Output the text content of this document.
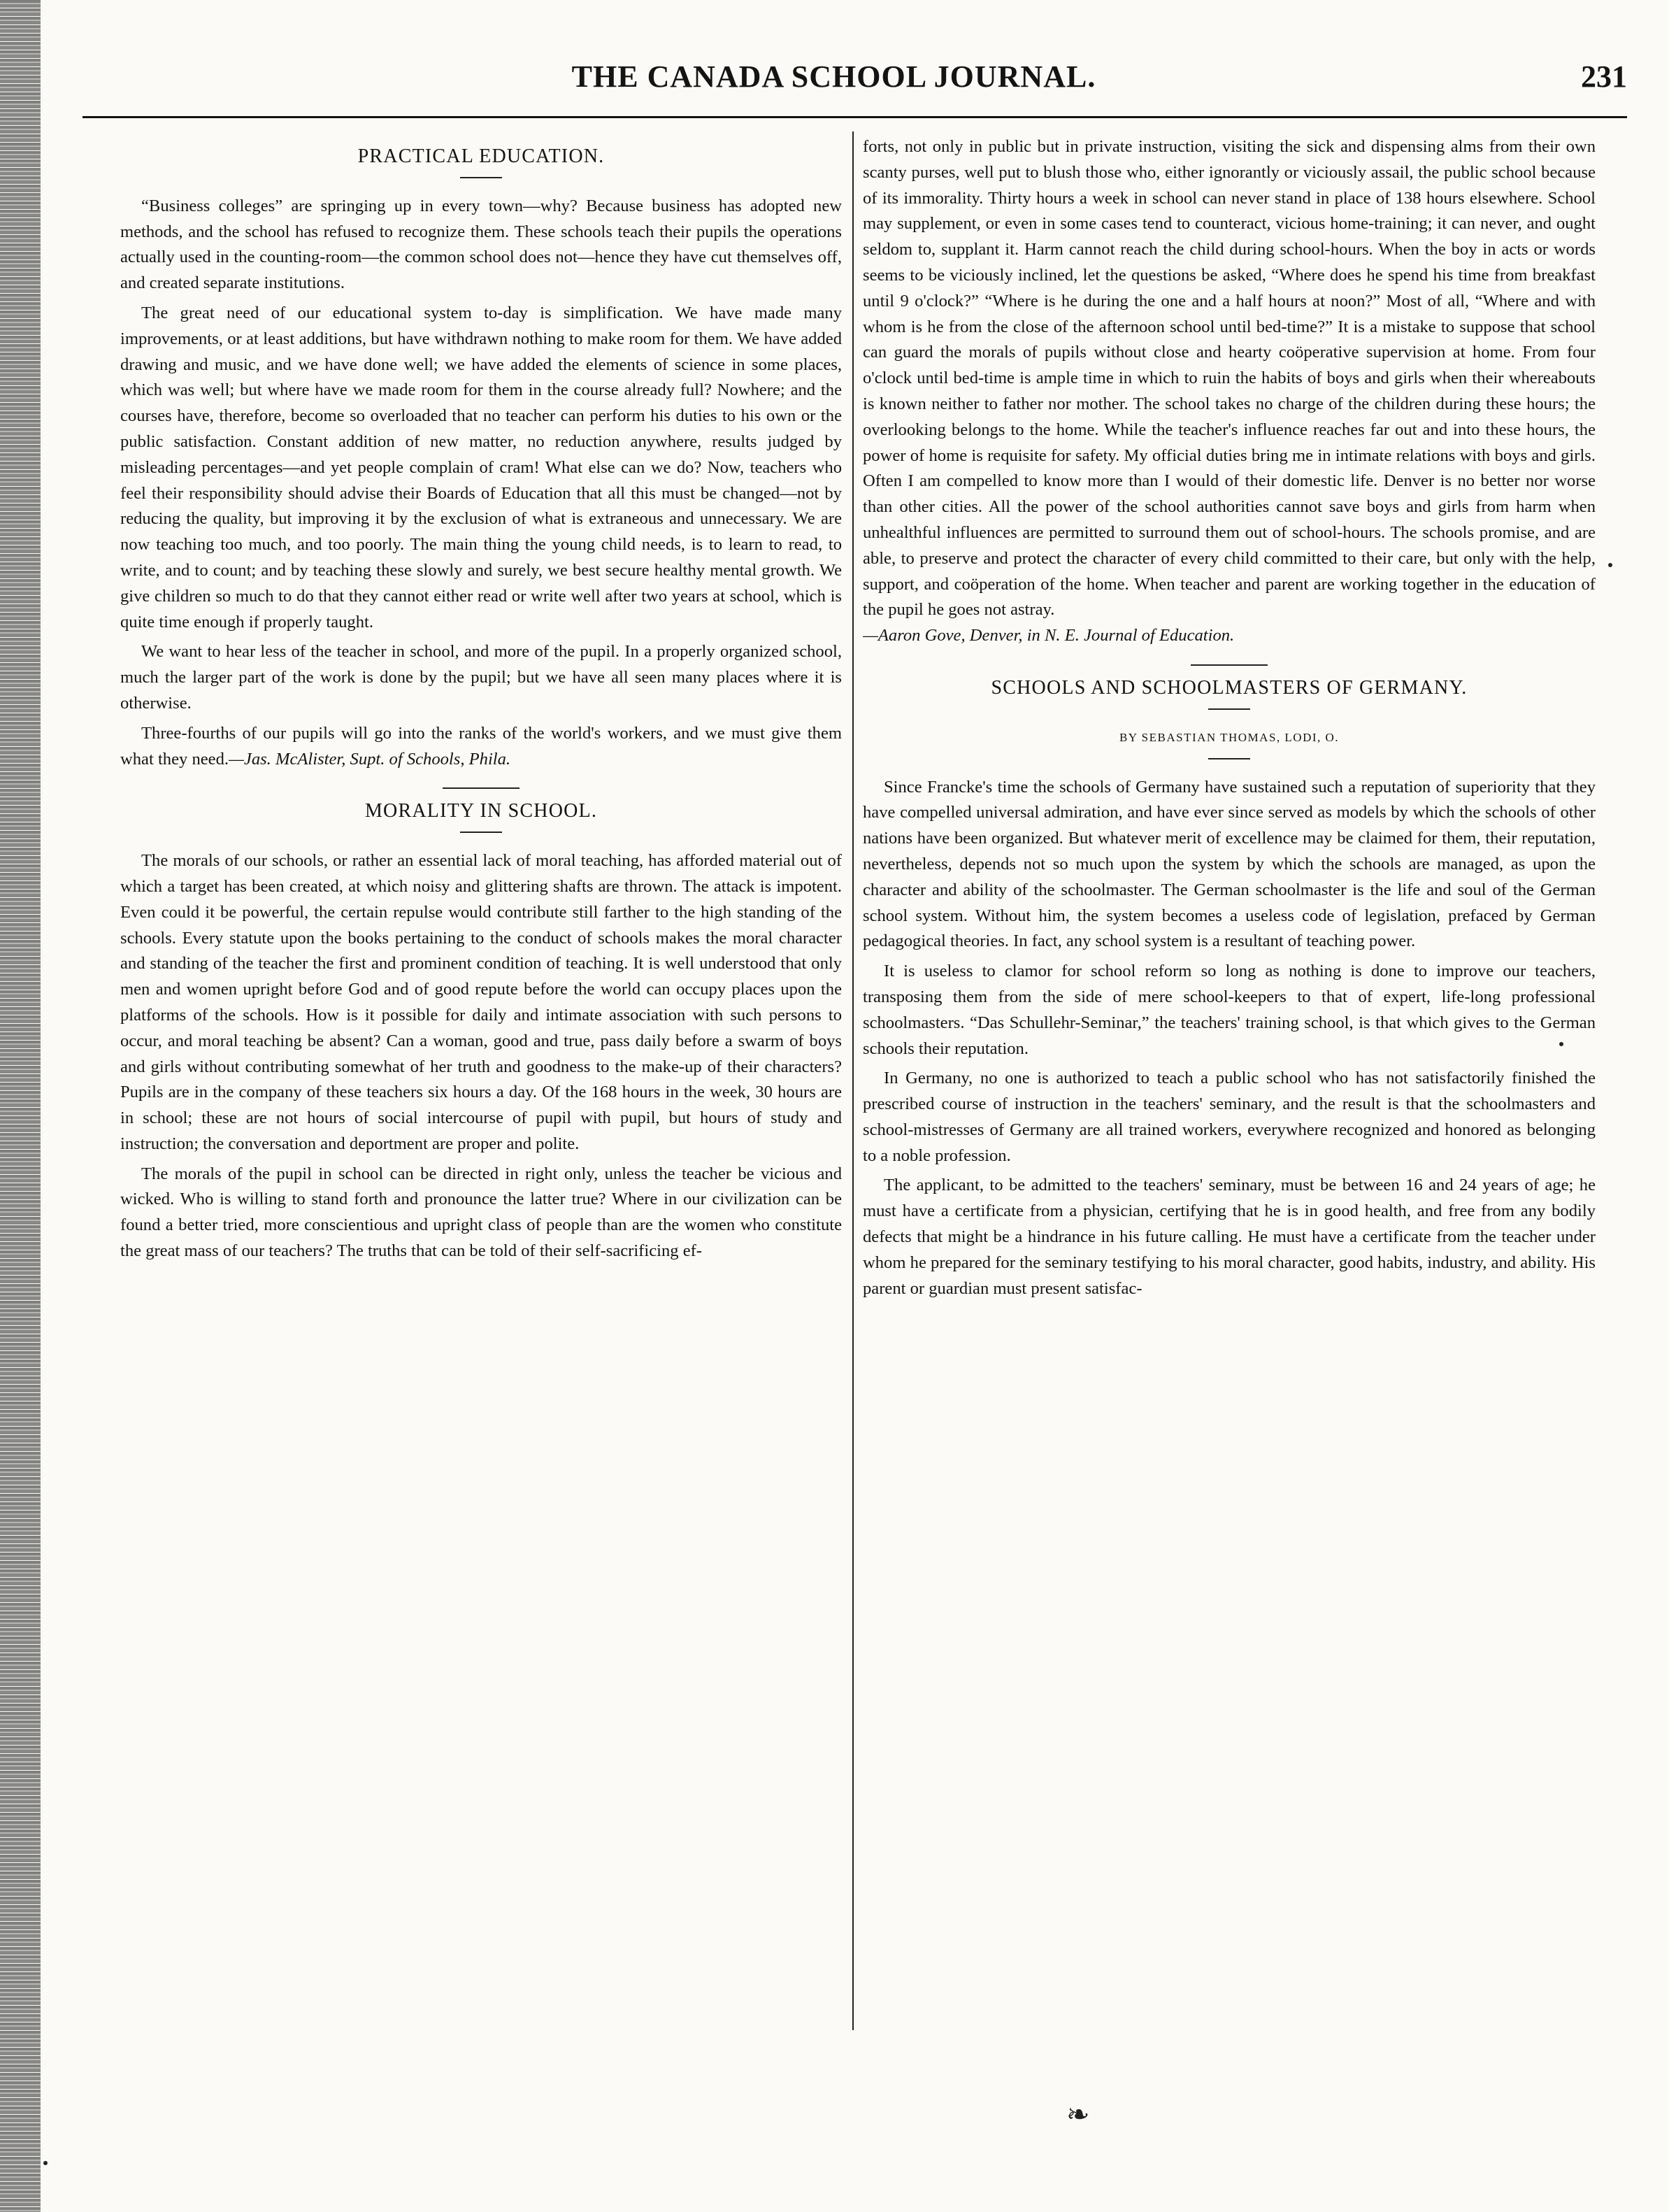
THE CANADA SCHOOL JOURNAL.	231
PRACTICAL EDUCATION.

“Business colleges” are springing up in every town—why? Because business has adopted new methods, and the school has refused to recognize them. These schools teach their pupils the operations actually used in the counting-room—the common school does not—hence they have cut themselves off, and created separate institutions.

The great need of our educational system to-day is simplification. We have made many improvements, or at least additions, but have withdrawn nothing to make room for them. We have added drawing and music, and we have done well; we have added the elements of science in some places, which was well; but where have we made room for them in the course already full? Nowhere; and the courses have, therefore, become so overloaded that no teacher can perform his duties to his own or the public satisfaction. Constant addition of new matter, no reduction anywhere, results judged by misleading percentages—and yet people complain of cram! What else can we do? Now, teachers who feel their responsibility should advise their Boards of Education that all this must be changed—not by reducing the quality, but improving it by the exclusion of what is extraneous and unnecessary. We are now teaching too much, and too poorly. The main thing the young child needs, is to learn to read, to write, and to count; and by teaching these slowly and surely, we best secure healthy mental growth. We give children so much to do that they cannot either read or write well after two years at school, which is quite time enough if properly taught.

We want to hear less of the teacher in school, and more of the pupil. In a properly organized school, much the larger part of the work is done by the pupil; but we have all seen many places where it is otherwise.

Three-fourths of our pupils will go into the ranks of the world's workers, and we must give them what they need.—Jas. McAlister, Supt. of Schools, Phila.

MORALITY IN SCHOOL.

The morals of our schools, or rather an essential lack of moral teaching, has afforded material out of which a target has been created, at which noisy and glittering shafts are thrown. The attack is impotent. Even could it be powerful, the certain repulse would contribute still farther to the high standing of the schools. Every statute upon the books pertaining to the conduct of schools makes the moral character and standing of the teacher the first and prominent condition of teaching. It is well understood that only men and women upright before God and of good repute before the world can occupy places upon the platforms of the schools. How is it possible for daily and intimate association with such persons to occur, and moral teaching be absent? Can a woman, good and true, pass daily before a swarm of boys and girls without contributing somewhat of her truth and goodness to the make-up of their characters? Pupils are in the company of these teachers six hours a day. Of the 168 hours in the week, 30 hours are in school; these are not hours of social intercourse of pupil with pupil, but hours of study and instruction; the conversation and deportment are proper and polite.

The morals of the pupil in school can be directed in right only, unless the teacher be vicious and wicked. Who is willing to stand forth and pronounce the latter true? Where in our civilization can be found a better tried, more conscientious and upright class of people than are the women who constitute the great mass of our teachers? The truths that can be told of their self-sacrificing ef-

forts, not only in public but in private instruction, visiting the sick and dispensing alms from their own scanty purses, well put to blush those who, either ignorantly or viciously assail, the public school because of its immorality. Thirty hours a week in school can never stand in place of 138 hours elsewhere. School may supplement, or even in some cases tend to counteract, vicious home-training; it can never, and ought seldom to, supplant it. Harm cannot reach the child during school-hours. When the boy in acts or words seems to be viciously inclined, let the questions be asked, “Where does he spend his time from breakfast until 9 o'clock?” “Where is he during the one and a half hours at noon?” Most of all, “Where and with whom is he from the close of the afternoon school until bed-time?” It is a mistake to suppose that school can guard the morals of pupils without close and hearty coöperative supervision at home. From four o'clock until bed-time is ample time in which to ruin the habits of boys and girls when their whereabouts is known neither to father nor mother. The school takes no charge of the children during these hours; the overlooking belongs to the home. While the teacher's influence reaches far out and into these hours, the power of home is requisite for safety. My official duties bring me in intimate relations with boys and girls. Often I am compelled to know more than I would of their domestic life. Denver is no better nor worse than other cities. All the power of the school authorities cannot save boys and girls from harm when unhealthful influences are permitted to surround them out of school-hours. The schools promise, and are able, to preserve and protect the character of every child committed to their care, but only with the help, support, and coöperation of the home. When teacher and parent are working together in the education of the pupil he goes not astray.
—Aaron Gove, Denver, in N. E. Journal of Education.

SCHOOLS AND SCHOOLMASTERS OF GERMANY.
BY SEBASTIAN THOMAS, LODI, O.

Since Francke's time the schools of Germany have sustained such a reputation of superiority that they have compelled universal admiration, and have ever since served as models by which the schools of other nations have been organized. But whatever merit of excellence may be claimed for them, their reputation, nevertheless, depends not so much upon the system by which the schools are managed, as upon the character and ability of the schoolmaster. The German schoolmaster is the life and soul of the German school system. Without him, the system becomes a useless code of legislation, prefaced by German pedagogical theories. In fact, any school system is a resultant of teaching power.

It is useless to clamor for school reform so long as nothing is done to improve our teachers, transposing them from the side of mere school-keepers to that of expert, life-long professional schoolmasters. “Das Schullehr-Seminar,” the teachers' training school, is that which gives to the German schools their reputation.

In Germany, no one is authorized to teach a public school who has not satisfactorily finished the prescribed course of instruction in the teachers' seminary, and the result is that the schoolmasters and school-mistresses of Germany are all trained workers, everywhere recognized and honored as belonging to a noble profession.

The applicant, to be admitted to the teachers' seminary, must be between 16 and 24 years of age; he must have a certificate from a physician, certifying that he is in good health, and free from any bodily defects that might be a hindrance in his future calling. He must have a certificate from the teacher under whom he prepared for the seminary testifying to his moral character, good habits, industry, and ability. His parent or guardian must present satisfac-

❧
